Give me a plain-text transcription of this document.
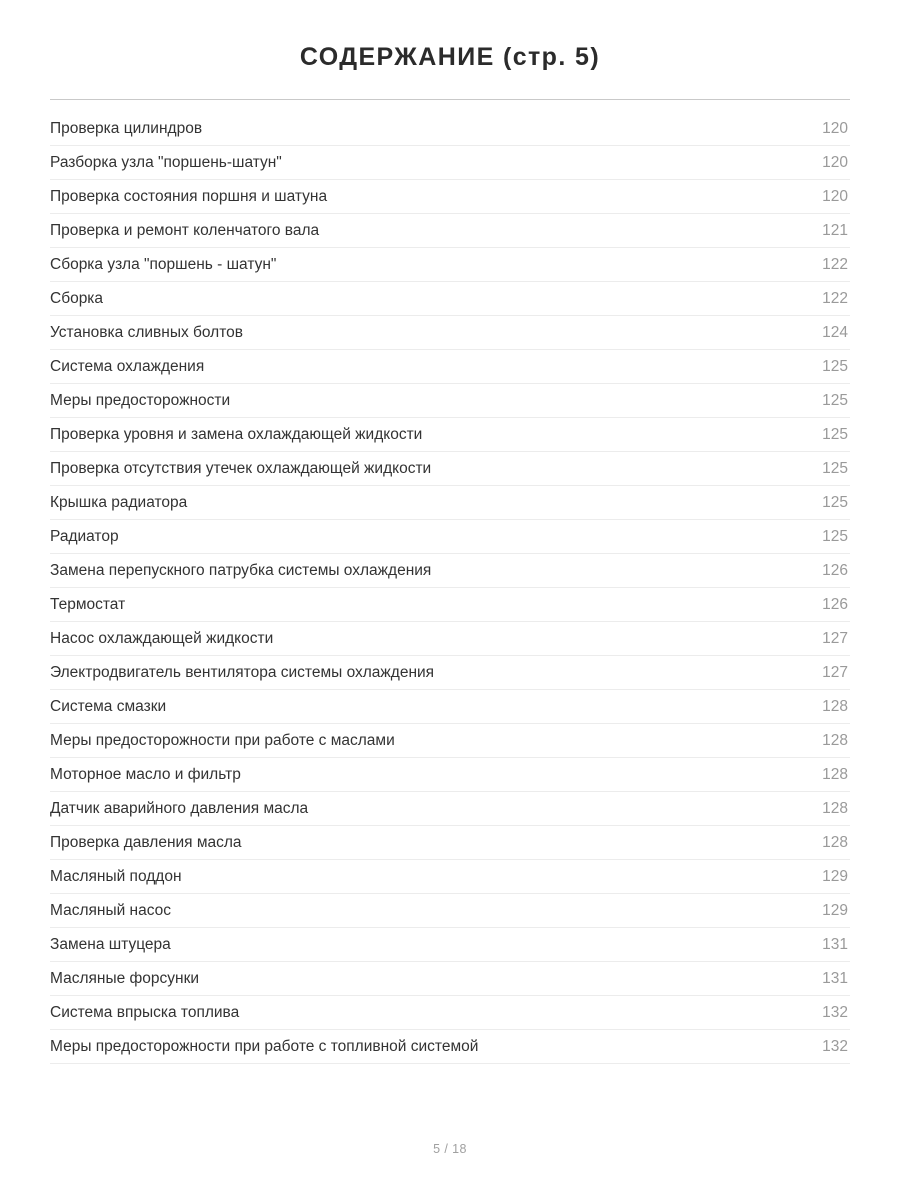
СОДЕРЖАНИЕ (стр. 5)
Проверка цилиндров	120
Разборка узла "поршень-шатун"	120
Проверка состояния поршня и шатуна	120
Проверка и ремонт коленчатого вала	121
Сборка узла "поршень - шатун"	122
Сборка	122
Установка сливных болтов	124
Система охлаждения	125
Меры предосторожности	125
Проверка уровня и замена охлаждающей жидкости	125
Проверка отсутствия утечек охлаждающей жидкости	125
Крышка радиатора	125
Радиатор	125
Замена перепускного патрубка системы охлаждения	126
Термостат	126
Насос охлаждающей жидкости	127
Электродвигатель вентилятора системы охлаждения	127
Система смазки	128
Меры предосторожности при работе с маслами	128
Моторное масло и фильтр	128
Датчик аварийного давления масла	128
Проверка давления масла	128
Масляный поддон	129
Масляный насос	129
Замена штуцера	131
Масляные форсунки	131
Система впрыска топлива	132
Меры предосторожности при работе с топливной системой	132
5 / 18
